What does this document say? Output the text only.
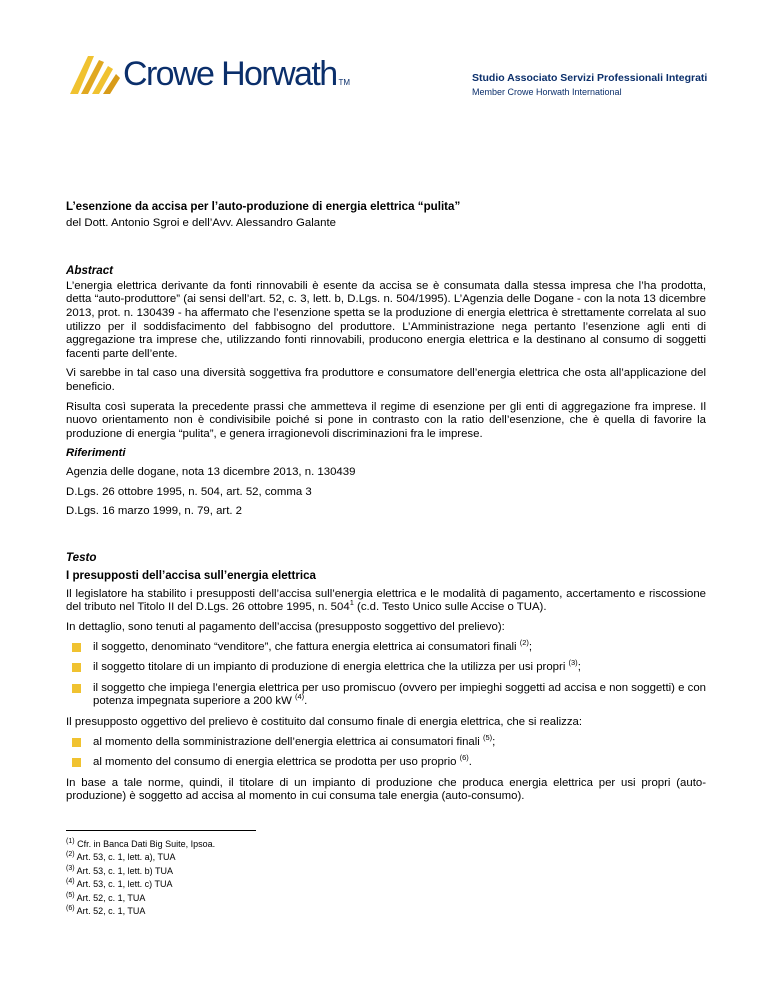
Crowe Horwath TM	Studio Associato Servizi Professionali Integrati
Member Crowe Horwath International

L’esenzione da accisa per l’auto-produzione di energia elettrica “pulita”

del Dott. Antonio Sgroi e dell’Avv. Alessandro Galante

Abstract

L’energia elettrica derivante da fonti rinnovabili è esente da accisa se è consumata dalla stessa impresa che l’ha prodotta, detta “auto-produttore” (ai sensi dell’art. 52, c. 3, lett. b, D.Lgs. n. 504/1995). L’Agenzia delle Dogane - con la nota 13 dicembre 2013, prot. n. 130439 - ha affermato che l’esenzione spetta se la produzione di energia elettrica è strettamente correlata al suo utilizzo per il soddisfacimento del fabbisogno del produttore. L’Amministrazione nega pertanto l’esenzione agli enti di aggregazione tra imprese che, utilizzando fonti rinnovabili, producono energia elettrica e la destinano al consumo di soggetti facenti parte dell’ente.

Vi sarebbe in tal caso una diversità soggettiva fra produttore e consumatore dell’energia elettrica che osta all’applicazione del beneficio.

Risulta così superata la precedente prassi che ammetteva il regime di esenzione per gli enti di aggregazione fra imprese. Il nuovo orientamento non è condivisibile poiché si pone in contrasto con la ratio dell’esenzione, che è quella di favorire la produzione di energia “pulita”, e genera irragionevoli discriminazioni fra le imprese.

Riferimenti

Agenzia delle dogane, nota 13 dicembre 2013, n. 130439
D.Lgs. 26 ottobre 1995, n. 504, art. 52, comma 3
D.Lgs. 16 marzo 1999, n. 79, art. 2

Testo

I presupposti dell’accisa sull’energia elettrica

Il legislatore ha stabilito i presupposti dell’accisa sull’energia elettrica e le modalità di pagamento, accertamento e riscossione del tributo nel Titolo II del D.Lgs. 26 ottobre 1995, n. $504^1$ (c.d. Testo Unico sulle Accise o TUA).

In dettaglio, sono tenuti al pagamento dell’accisa (presupposto soggettivo del prelievo):

il soggetto, denominato “venditore”, che fattura energia elettrica ai consumatori finali $^{(2)}$;
il soggetto titolare di un impianto di produzione di energia elettrica che la utilizza per usi propri $^{(3)}$;
il soggetto che impiega l’energia elettrica per uso promiscuo (ovvero per impieghi soggetti ad accisa e non soggetti) e con potenza impegnata superiore a 200 kW $^{(4)}$.

Il presupposto oggettivo del prelievo è costituito dal consumo finale di energia elettrica, che si realizza:

al momento della somministrazione dell’energia elettrica ai consumatori finali $^{(5)}$;
al momento del consumo di energia elettrica se prodotta per uso proprio $^{(6)}$.

In base a tale norme, quindi, il titolare di un impianto di produzione che produca energia elettrica per usi propri (auto-produzione) è soggetto ad accisa al momento in cui consuma tale energia (auto-consumo).

$^{(1)}$ Cfr. in Banca Dati Big Suite, Ipsoa.
$^{(2)}$ Art. 53, c. 1, lett. a), TUA
$^{(3)}$ Art. 53, c. 1, lett. b) TUA
$^{(4)}$ Art. 53, c. 1, lett. c) TUA
$^{(5)}$ Art. 52, c. 1, TUA
$^{(6)}$ Art. 52, c. 1, TUA
